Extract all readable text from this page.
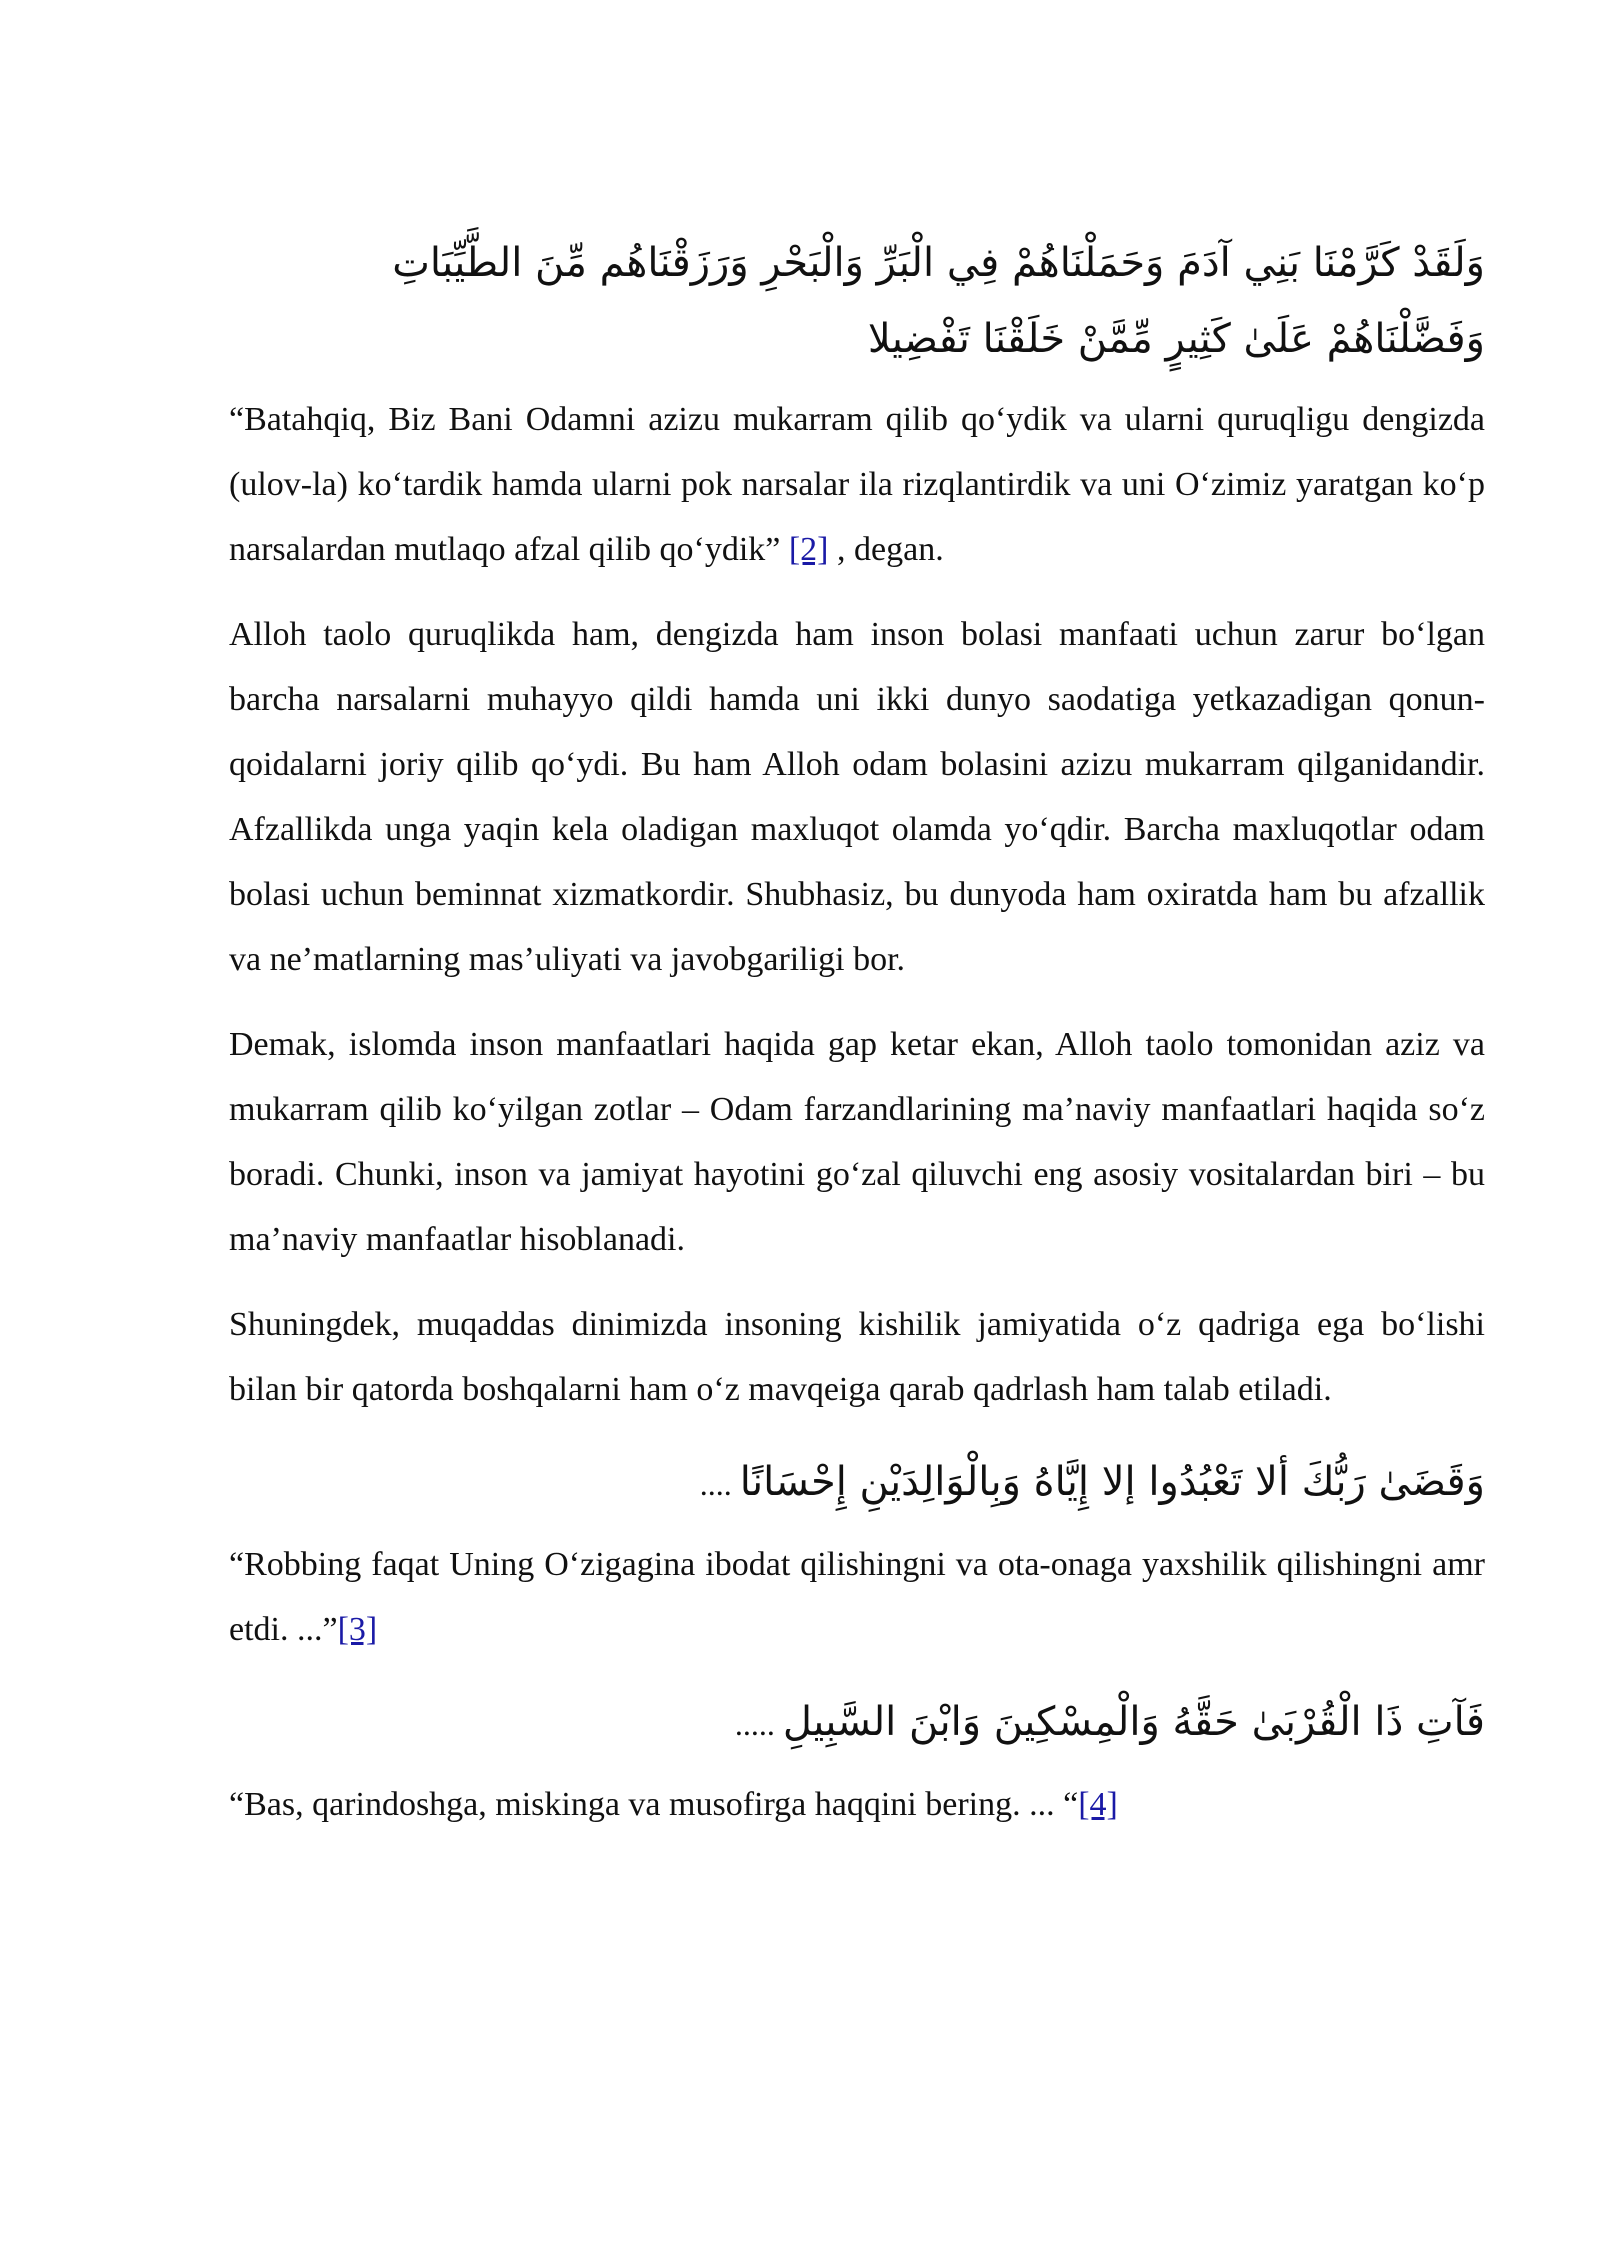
وَلَقَدْ كَرَّمْنَا بَنِي آدَمَ وَحَمَلْنَاهُمْ فِي الْبَرِّ وَالْبَحْرِ وَرَزَقْنَاهُم مِّنَ الطَّيِّبَاتِ وَفَضَّلْنَاهُمْ عَلَىٰ كَثِيرٍ مِّمَّنْ خَلَقْنَا تَفْضِيلا

“Batahqiq, Biz Bani Odamni azizu mukarram qilib qo‘ydik va ularni quruqligu dengizda (ulov-la) ko‘tardik hamda ularni pok narsalar ila rizqlantirdik va uni O‘zimiz yaratgan ko‘p narsalardan mutlaqo afzal qilib qo‘ydik” [2] , degan.

Alloh taolo quruqlikda ham, dengizda ham inson bolasi manfaati uchun zarur bo‘lgan barcha narsalarni muhayyo qildi hamda uni ikki dunyo saodatiga yetkazadigan qonun-qoidalarni joriy qilib qo‘ydi. Bu ham Alloh odam bolasini azizu mukarram qilganidandir. Afzallikda unga yaqin kela oladigan maxluqot olamda yo‘qdir. Barcha maxluqotlar odam bolasi uchun beminnat xizmatkordir. Shubhasiz, bu dunyoda ham oxiratda ham bu afzallik va ne’matlarning mas’uliyati va javobgariligi bor.

Demak, islomda inson manfaatlari haqida gap ketar ekan, Alloh taolo tomonidan aziz va mukarram qilib ko‘yilgan zotlar – Odam farzandlarining ma’naviy manfaatlari haqida so‘z boradi. Chunki, inson va jamiyat hayotini go‘zal qiluvchi eng asosiy vositalardan biri – bu ma’naviy manfaatlar hisoblanadi.

Shuningdek, muqaddas dinimizda insoning kishilik jamiyatida o‘z qadriga ega bo‘lishi bilan bir qatorda boshqalarni ham o‘z mavqeiga qarab qadrlash ham talab etiladi.

وَقَضَىٰ رَبُّكَ ألا تَعْبُدُوا إلا إِيَّاهُ وَبِالْوَالِدَيْنِ إِحْسَانًا ....

“Robbing faqat Uning O‘zigagina ibodat qilishingni va ota-onaga yaxshilik qilishingni amr etdi. ...”[3]

فَآتِ ذَا الْقُرْبَىٰ حَقَّهُ وَالْمِسْكِينَ وَابْنَ السَّبِيلِ .....

“Bas, qarindoshga, miskinga va musofirga haqqini bering. ... “[4]
